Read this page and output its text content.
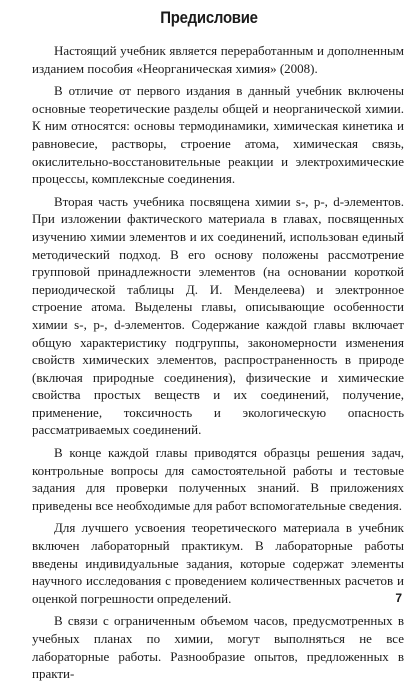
Предисловие

Настоящий учебник является переработанным и дополненным изданием пособия «Неорганическая химия» (2008).

В отличие от первого издания в данный учебник включены основные теоретические разделы общей и неорганической химии. К ним относятся: основы термодинамики, химическая кинетика и равновесие, растворы, строение атома, химическая связь, окислительно-восстановительные реакции и электрохимические процессы, комплексные соединения.

Вторая часть учебника посвящена химии s-, p-, d-элементов. При изложении фактического материала в главах, посвященных изучению химии элементов и их соединений, использован единый методический подход. В его основу положены рассмотрение групповой принадлежности элементов (на основании короткой периодической таблицы Д. И. Менделеева) и электронное строение атома. Выделены главы, описывающие особенности химии s-, p-, d-элементов. Содержание каждой главы включает общую характеристику подгруппы, закономерности изменения свойств химических элементов, распространенность в природе (включая природные соединения), физические и химические свойства простых веществ и их соединений, получение, применение, токсичность и экологическую опасность рассматриваемых соединений.

В конце каждой главы приводятся образцы решения задач, контрольные вопросы для самостоятельной работы и тестовые задания для проверки полученных знаний. В приложениях приведены все необходимые для работ вспомогательные сведения.

Для лучшего усвоения теоретического материала в учебник включен лабораторный практикум. В лабораторные работы введены индивидуальные задания, которые содержат элементы научного исследования с проведением количественных расчетов и оценкой погрешности определений.

В связи с ограниченным объемом часов, предусмотренных в учебных планах по химии, могут выполняться не все лабораторные работы. Разнообразие опытов, предложенных в практи-

7
